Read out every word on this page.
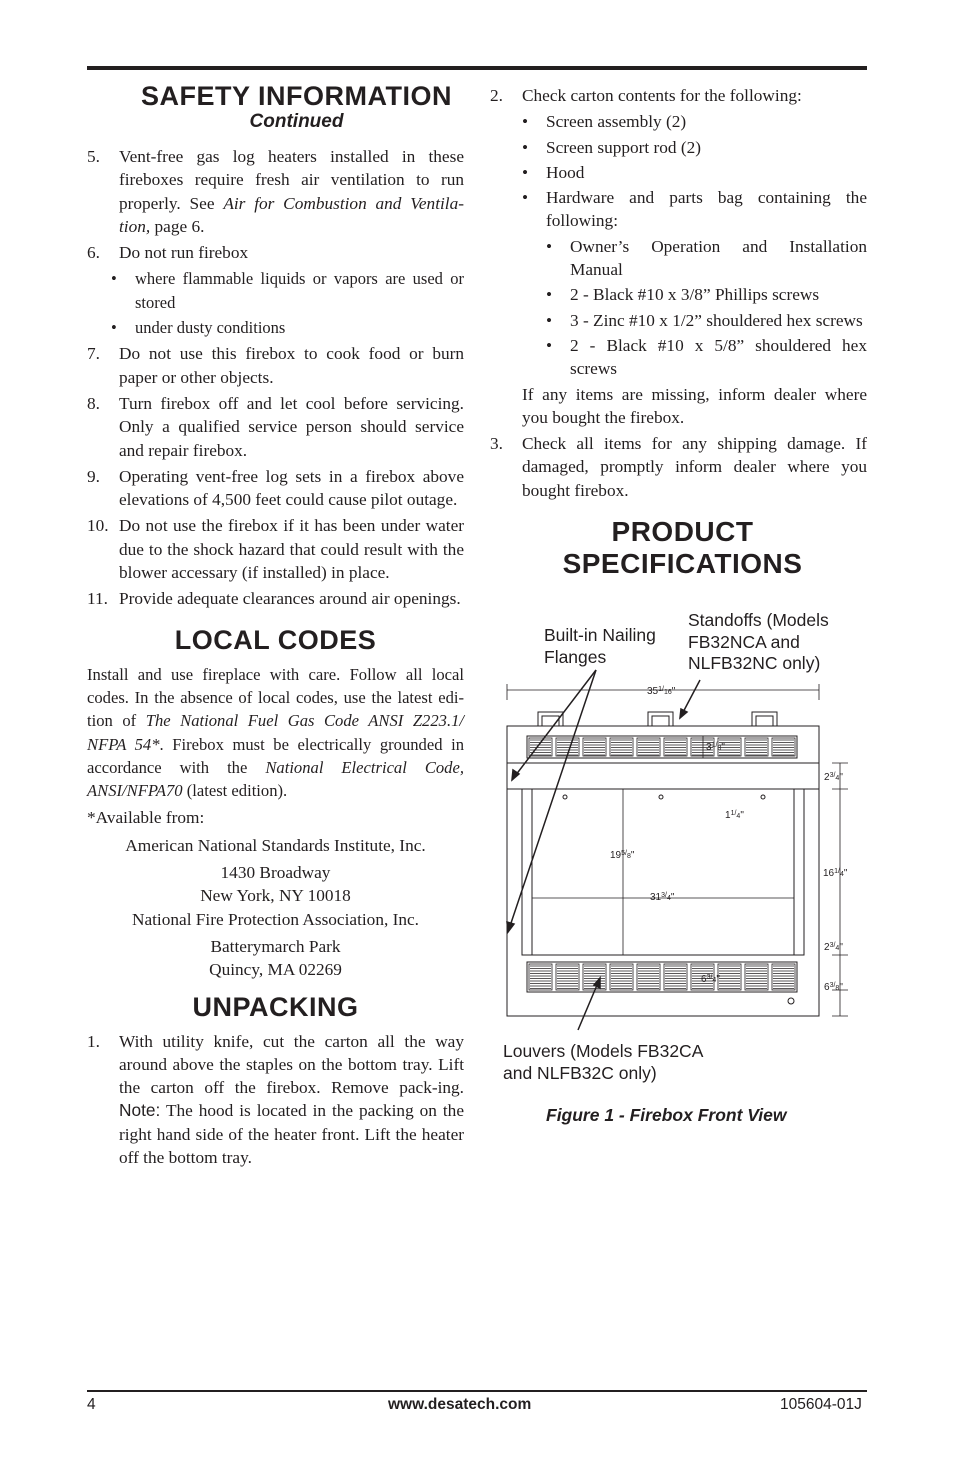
SAFETY INFORMATION
Continued
5.	Vent-free gas log heaters installed in these fireboxes require fresh air ventilation to run properly. See Air for Combustion and Ventila-tion, page 6.
6.	Do not run firebox
•	where flammable liquids or vapors are used or stored
•	under dusty conditions
7.	Do not use this firebox to cook food or burn paper or other objects.
8.	Turn firebox off and let cool before servicing. Only a qualified service person should service and repair firebox.
9.	Operating vent-free log sets in a firebox above elevations of 4,500 feet could cause pilot outage.
10. Do not use the firebox if it has been under water due to the shock hazard that could result with the blower accessary (if installed) in place.
11. Provide adequate clearances around air openings.
LOCAL CODES
Install and use fireplace with care. Follow all local codes. In the absence of local codes, use the latest edi-tion of The National Fuel Gas Code ANSI Z223.1/ NFPA 54*. Firebox must be electrically grounded in accordance with the National Electrical Code, ANSI/NFPA70 (latest edition).
*Available from:
American National Standards Institute, Inc.
1430 Broadway
New York, NY 10018
National Fire Protection Association, Inc.
Batterymarch Park
Quincy, MA 02269
UNPACKING
1.	With utility knife, cut the carton all the way around above the staples on the bottom tray. Lift the carton off the firebox. Remove pack-ing. Note: The hood is located in the packing on the right hand side of the heater front. Lift the heater off the bottom tray.
2.	Check carton contents for the following:
•	Screen assembly (2)
•	Screen support rod (2)
•	Hood
•	Hardware and parts bag containing the following:
•	Owner’s Operation and Installation Manual
•	2 - Black #10 x 3/8” Phillips screws
•	3 - Zinc #10 x 1/2” shouldered hex screws
•	2 - Black #10 x 5/8” shouldered hex screws
If any items are missing, inform dealer where you bought the firebox.
3.	Check all items for any shipping damage. If damaged, promptly inform dealer where you bought firebox.
PRODUCT
SPECIFICATIONS
Built-in Nailing
Flanges
Standoffs (Models
FB32NCA and
NLFB32NC only)
Louvers (Models FB32CA
and NLFB32C only)
$35^1/_{16}$"
$3^1/_8$"
$2^3/_4$"
$1^1/_4$"
$19^5/_8$"
$31^3/_4$"
$16^1/_4$"
$2^3/_4$"
$6^3/_4$"
$6^3/_8$"
Figure 1 - Firebox Front View
4	www.desatech.com	105604-01J
